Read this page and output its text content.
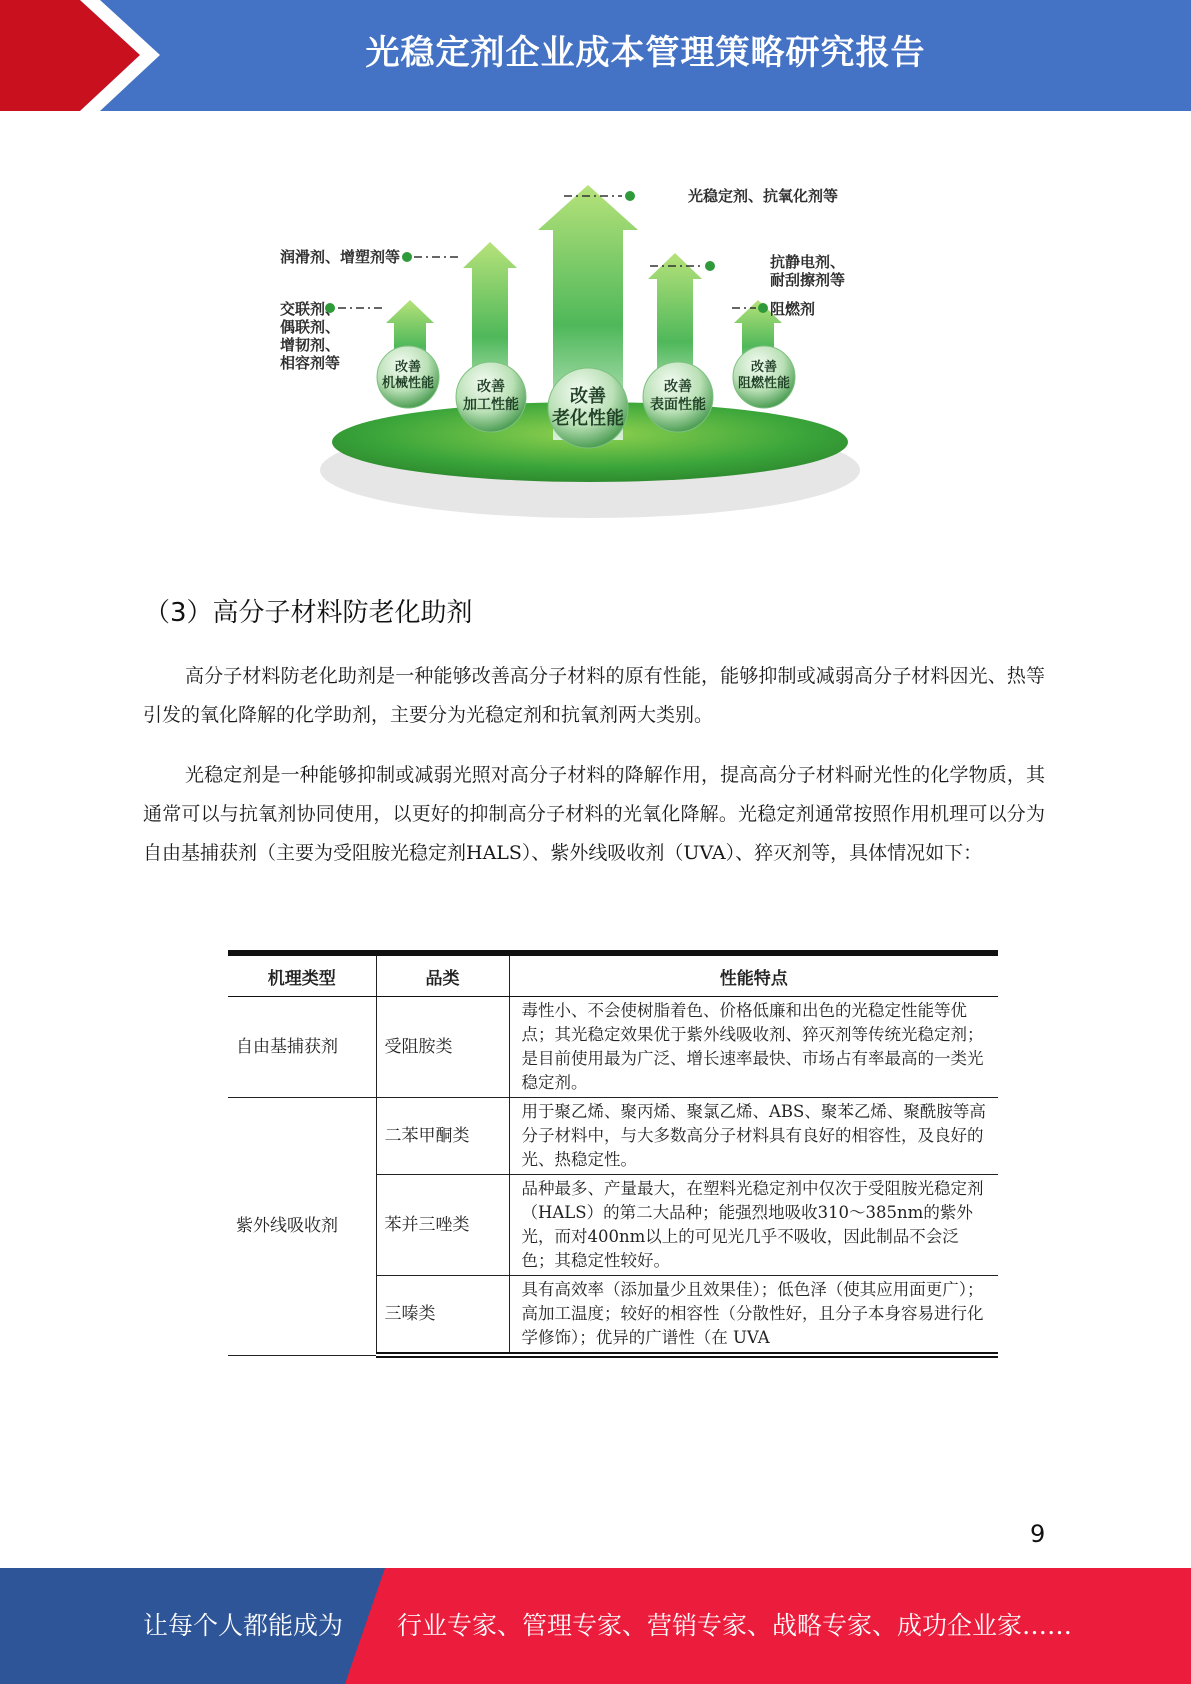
光稳定剂企业成本管理策略研究报告
光稳定剂、抗氧化剂等
润滑剂、增塑剂等
交联剂、
偶联剂、
增韧剂、
相容剂等
抗静电剂、
耐刮擦剂等
阻燃剂
改善
机械性能	改善
加工性能	改善
老化性能
改善
表面性能
改善
阻燃性能
（3）高分子材料防老化助剂
高分子材料防老化助剂是一种能够改善高分子材料的原有性能，能够抑制或减弱高分子材料因光、热等引发的氧化降解的化学助剂，主要分为光稳定剂和抗氧剂两大类别。
光稳定剂是一种能够抑制或减弱光照对高分子材料的降解作用，提高高分子材料耐光性的化学物质，其通常可以与抗氧剂协同使用，以更好的抑制高分子材料的光氧化降解。光稳定剂通常按照作用机理可以分为自由基捕获剂（主要为受阻胺光稳定剂HALS）、紫外线吸收剂（UVA）、猝灭剂等，具体情况如下：
机理类型	品类	性能特点
自由基捕获剂	受阻胺类	毒性小、不会使树脂着色、价格低廉和出色的光稳定性能等优点；其光稳定效果优于紫外线吸收剂、猝灭剂等传统光稳定剂；是目前使用最为广泛、增长速率最快、市场占有率最高的一类光稳定剂。
紫外线吸收剂	二苯甲酮类	用于聚乙烯、聚丙烯、聚氯乙烯、ABS、聚苯乙烯、聚酰胺等高分子材料中，与大多数高分子材料具有良好的相容性，及良好的光、热稳定性。
	苯并三唑类	品种最多、产量最大，在塑料光稳定剂中仅次于受阻胺光稳定剂（HALS）的第二大品种；能强烈地吸收310～385nm的紫外光，而对400nm以上的可见光几乎不吸收，因此制品不会泛色；其稳定性较好。
	三嗪类	具有高效率（添加量少且效果佳）；低色泽（使其应用面更广）；高加工温度；较好的相容性（分散性好，且分子本身容易进行化学修饰）；优异的广谱性（在 UVA
9
让每个人都能成为 行业专家、管理专家、营销专家、战略专家、成功企业家……
